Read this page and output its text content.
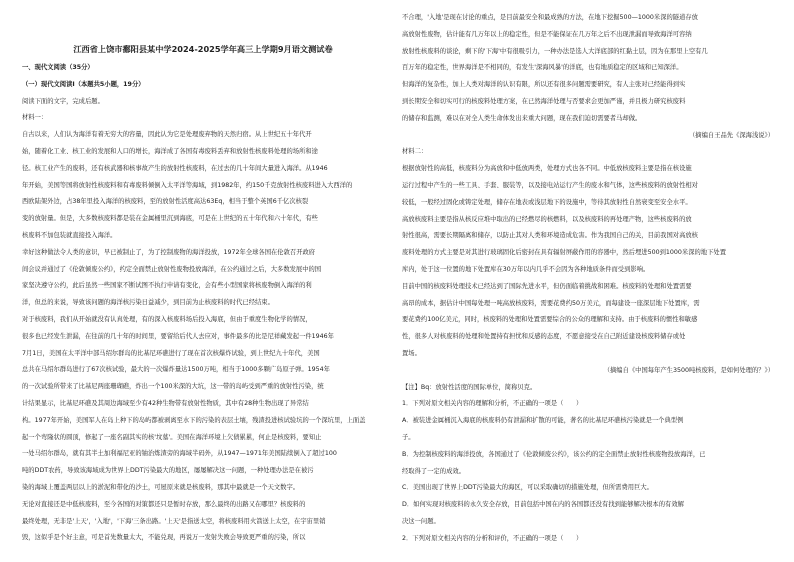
江西省上饶市鄱阳县某中学2024-2025学年高三上学期9月语文测试卷
一、现代文阅读（35分）
（一）现代文阅读Ⅰ（本题共5小题，19分）
阅读下面的文字，完成后题。
材料一：
自古以来，人们认为海洋有着无穷大的容量，因此认为它是处理废弃物的天然归宿。从上世纪五十年代开
始，随着化工业、核工业的发展和人口的增长，海洋成了各国有毒废料丢弃和放射性核废料处理的场所和途
径。核工业产生的废料，还有核武器和核事故产生的放射性核废料，在过去的几十年间大量进入海洋。从1946
年开始，美国等国将放射性核废料和有毒废料倾倒入太平洋等海域，到1982年，约150千克放射性核废料进入大西洋的
西欧陆架外边，占38年里投入海洋的核废料，至的放射性活度高达63Eq，相当于整个英国6千亿次核裂
变的放射量。但是，大多数核废料都是装在金属桶里沉到海底，可是在上世纪的五十年代和六十年代，有些
核废料不加包装就直接投入海洋。
幸好这种做法令人类的意识，早已被制止了，为了控制废物的海洋投放，1972年全球各国在伦敦召开政府
间会议并通过了《伦敦倾废公约》，约定全面禁止放射性废物投放海洋，在公约通过之后，大多数发展中的国
家坚决遵守公约，此后虽然一些国家不断试图不执行申请有变化，会有些小型国家将核废物倒入海洋的利
洋，但总的来说，导致该问题的海洋核污染日益减少，到目前为止核废料的时代已经结束。
对于核废料，我们从开始就没有认真处理，有的深入核废料场后投入海底，但由于重度生物化学的情况，
很多也已经发生泄漏，在往前的几十年的时间里，要留给后代人去应对，事件最多的比是尼祥藏发起一件1946年
7月1日，美国在太平洋中部马绍尔群岛的比基尼环礁进行了现在首次核爆炸试验，到上世纪九十年代，美国
总共在马绍尔群岛进行了67次核试验，最大的一次爆炸量达1500万吨，相当于1000多颗广岛原子弹。1954年
的一次试验所带来了比基尼两座珊瑚礁，炸出一个100米深的大坑，这一带的岛屿受到严重的放射性污染，统
计结果显示，比基尼环礁及其周边海域至少有42种生物带有放射性物质，其中有28种生物出现了异常结
构。1977年开始，美国军人在岛上种下的岛屿都被剥离至水下的污染的表层土壤，残渣投进核试验坑的一个深坑里，上面盖
起一个弯隆状的圆顶，修起了一座名副其实的核'坟墓'。美国在海洋环境上欠债累累，何止是核废料，要知止
一处马绍尔群岛，就有其半土加利福尼亚的铀治炼渣旁的海域半码外，从1947—1971年美国陆续倒入了超过100
吨的DDT农药，导致该海域成为世界上DDT污染最大的地区，屡屡解决这一问题，一种处理办法是在被污
染的海域上覆盖两层以上的淤泥和带化的沙土，可屋原来就是核废料，那其中最就是一个天文数字。
无论对直接还是中低核废料，至今各国的对策都还只是暂时存放，那么最终的出路又在哪里？核废料的
最终处理，无非是'上天'，'入地'，'下海'三条出路。'上天'是指送太空，将核废料用火箭送上太空，在宇宙里销
毁，这似乎是个好主意，可是首先数量太大，不能兑现，再说万一发射失败会导致更严重的污染，所以
不合理，'入地'是现在讨论的重点，是目前最安全和最成熟的方法，在地下挖掘500—1000米深的隧道存放
高放射性废物，估计能有几万年以上的稳定性，但是不能保证在几万年之后不出现泄漏而导致海洋可容纳
放射性核废料的谈论，剩下的'下海'中有很吸引力，一种办法是选人大洋底部的红黏土层，因为在那里上空有几
百万年的稳定性，世界海洋是不相同的，有发生'深海风暴'的洋底，也有地质稳定的区域和已知深洋。
但海洋的复杂性，加上人类对海洋的认识有限，所以还有很多问题需要研究，有人主张对已经能得到实
到长期安全和切实可行的核废料处理方案，在已然海洋处理与否要求会更加严谨，并且极力研究核废料
的储存和监测，难以在对全人类生命体发出来重大问题，现在我们迫切需要者马却做。
（摘编自王品先《深海浅说》）
材料二：
根据放射性的高低，核废料分为高放和中低放两类，处理方式也各不同。中低放核废料主要是指在核设施
运行过程中产生的一些工具、手套、服装等，以及接电站运行产生的废水和气体，这些核废料的放射性相对
较低，一般经过固化或铸定处理，储存在地表或浅层地下的设施中，等待其放射性自然衰变至安全水平。
高放核废料主要是指从核反应堆中取出的已经燃尽的核燃料，以及核废料的再处理产物，这些核废料的放
射性很高，需要长期隔离和储存，以防止其对人类和环境造成危害。作为我国自己的关，目前我国对高放核
废料处理的方式主要是对其进行玻璃固化后密封在具有辐射屏蔽作用的容器中，然后埋进500到1000米深的地下处置
库内，处于这一位置的地下处置库在30万年以内几乎不会因为各种地质条件而受到影响。
目前中国的核废料处理技术已经达到了国际先进水平，但仍面临着挑战和困难。核废料的处理和处置需要
高昂的成本，据估计中国每处理一吨高放核废料，需要花费约50万美元，而每建设一座深层地下处置库，需
要花费约100亿美元，同时，核废料的处理和处置需要综合的公众的理解和支持。由于核废料的惯性和敏感
性，很多人对核废料的处理和处置持有担忧和反感的态度，不愿意接受在自己附近建设核废料储存或处
置场。
（摘编自《中国每年产生3500吨核废料，是如何处理的？》）
【注】Bq：放射性活度的国际单位，简称贝克。
1．下列对原文相关内容的理解和分析，不正确的一项是（　　）
A．被装进金属桶沉入海底的核废料仍有泄漏和扩散的可能，著名的比基尼环礁核污染就是一个典型例
子。
B．为控制核废料的海洋投放，各国通过了《伦敦倾废公约》，该公约的定全面禁止放射性核废物投放海洋，已
经取得了一定的成效。
C．美国出现了世界上DDT污染最大的海区，可以采取确切的措施处理，但所需费用巨大。
D．如何实现对核废料的永久安全存放，目前包括中国在内的各国都还没有找到能够解决根本的有效解
决这一问题。
2．下列对原文相关内容的分析和评价，不正确的一项是（　　）
